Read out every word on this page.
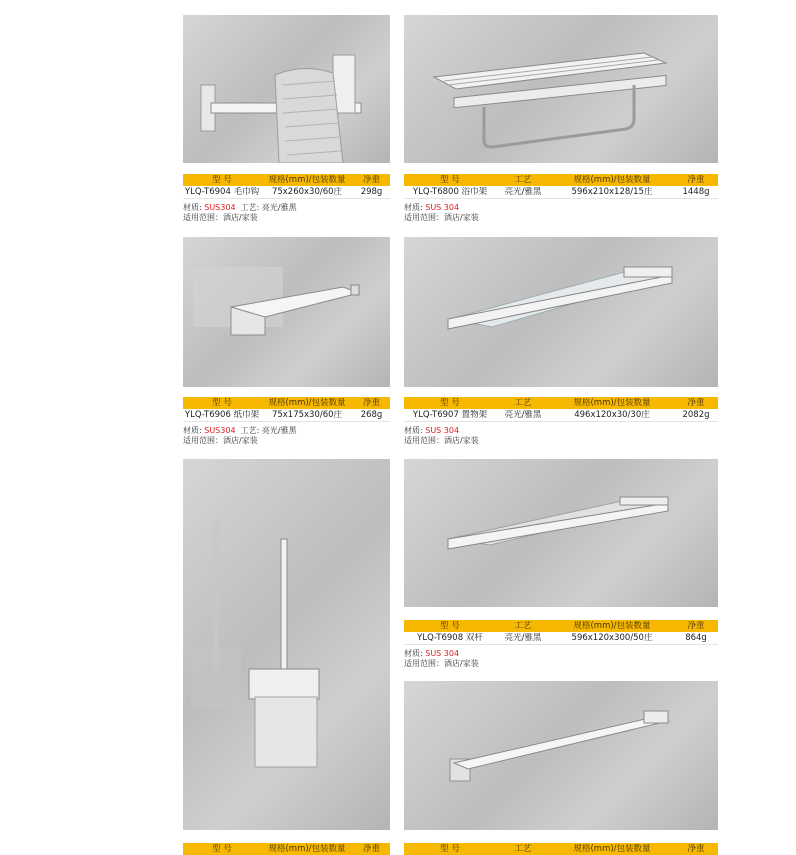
型 号	规格(mm)/包装数量	净重
YLQ-T6904 毛巾钩	75x260x30/60庄	298g
材质: SUS304 工艺: 亮光/雅黑
适用范围：酒店/家装
型 号	工艺	规格(mm)/包装数量	净重
YLQ-T6800 浴巾架	亮光/雅黑	596x210x128/15庄	1448g
材质: SUS 304
适用范围：酒店/家装
型 号	规格(mm)/包装数量	净重
YLQ-T6906 纸巾架	75x175x30/60庄	268g
材质: SUS304 工艺: 亮光/雅黑
适用范围：酒店/家装
型 号	工艺	规格(mm)/包装数量	净重
YLQ-T6907 置物架	亮光/雅黑	496x120x30/30庄	2082g
材质: SUS 304
适用范围：酒店/家装
型 号	工艺	规格(mm)/包装数量	净重
YLQ-T6908 双杆	亮光/雅黑	596x120x300/50庄	864g
材质: SUS 304
适用范围：酒店/家装
型 号	规格(mm)/包装数量	净重	型 号	工艺	规格(mm)/包装数量	净重
